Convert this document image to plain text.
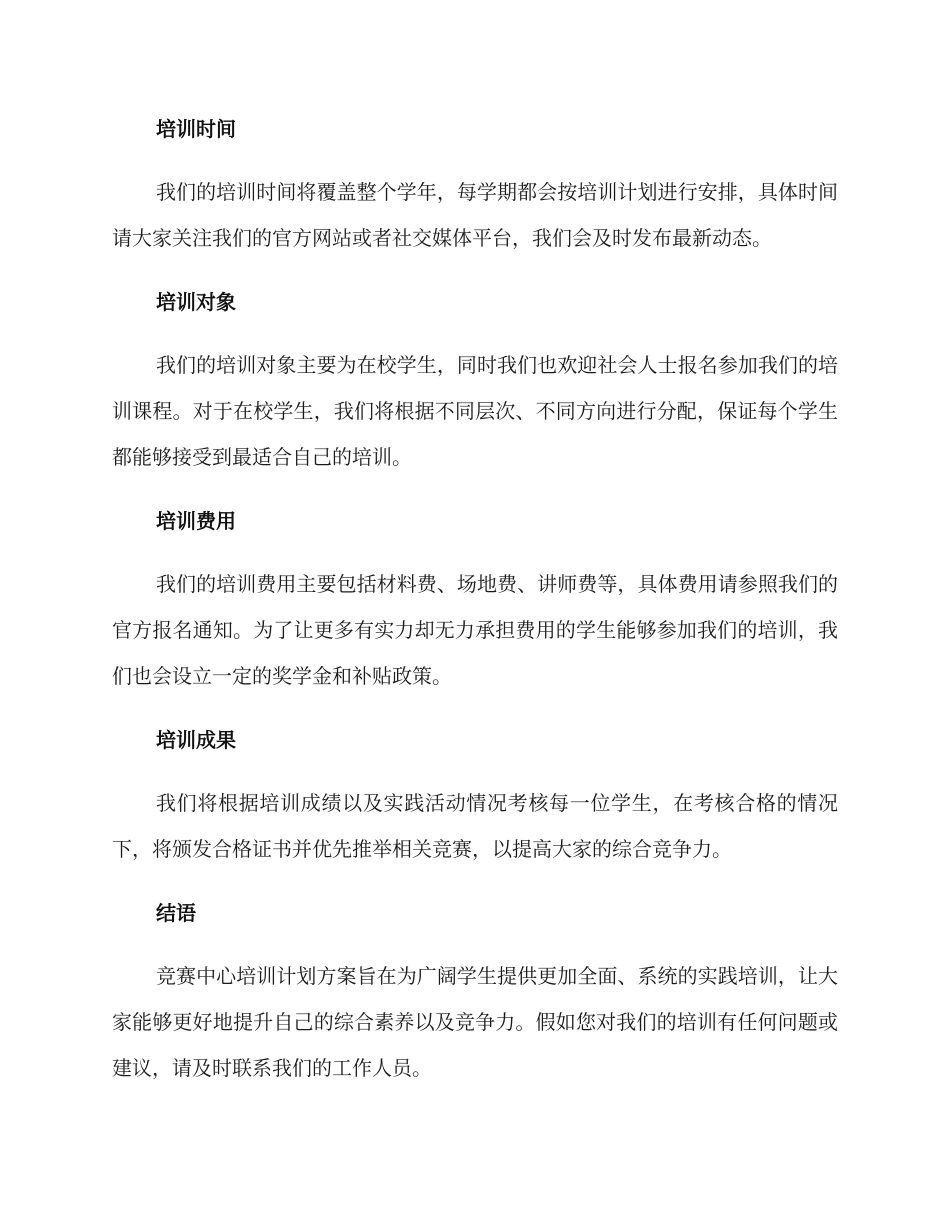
培训时间

我们的培训时间将覆盖整个学年，每学期都会按培训计划进行安排，具体时间请大家关注我们的官方网站或者社交媒体平台，我们会及时发布最新动态。

培训对象

我们的培训对象主要为在校学生，同时我们也欢迎社会人士报名参加我们的培训课程。对于在校学生，我们将根据不同层次、不同方向进行分配，保证每个学生都能够接受到最适合自己的培训。

培训费用

我们的培训费用主要包括材料费、场地费、讲师费等，具体费用请参照我们的官方报名通知。为了让更多有实力却无力承担费用的学生能够参加我们的培训，我们也会设立一定的奖学金和补贴政策。

培训成果

我们将根据培训成绩以及实践活动情况考核每一位学生，在考核合格的情况下，将颁发合格证书并优先推举相关竞赛，以提高大家的综合竞争力。

结语

竞赛中心培训计划方案旨在为广阔学生提供更加全面、系统的实践培训，让大家能够更好地提升自己的综合素养以及竞争力。假如您对我们的培训有任何问题或建议，请及时联系我们的工作人员。
